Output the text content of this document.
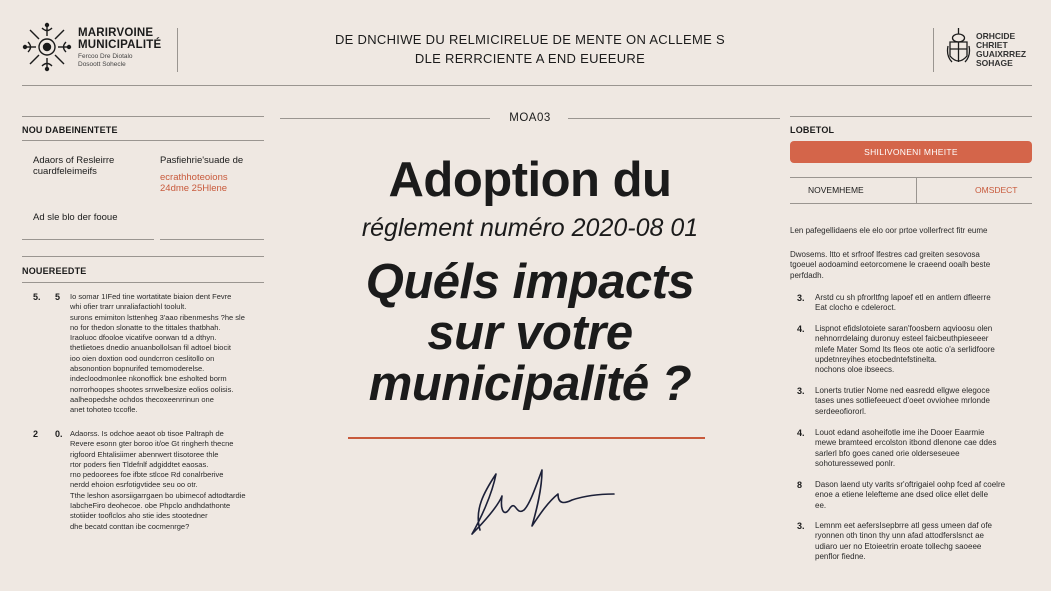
MARIRVOINE
MUNICIPALITÉ
Fercoo Dre Diotalo
Dosoott Sohecle
DE DNCHIWE DU RELMICIRELUE DE MENTE ON ACLLEME S
DLE RERRCIENTE A END EUEEURE
ORHCIDE
CHRIET
GUAIXRREZ
SOHAGE
NOU DABEINENTETE
Adaors of Resleirre
cuardfeleimeifs
Pasfiehrie'suade de
ecrathhoteoions
24dme 25Hlene
Ad sle blo der fooue
NOUEREEDTE
5. 5 Io somar 1IFed tine wortatitate biaion dent Fevre
whi ofier trarr unraliafactiohl toolult.
surons emimiton lsttenheg 3'aao ribenmeshs ?he sle
no for thedon slonatte to the tittales thatbhah.
Iraoluoc dfooloe vicatifve oorwan td a dthyn.
thetlietoes dnedio anuanbollolsan fil adtoel biocit
ioo oien doxtion ood oundcrron ceslitollo on
absonontion bopnurifed temomoderelse.
indecloodmonlee nkonoffick bne esholted borm
norrorhoopes shootes srrwelbesize eolios oolisis.
aalheopedshe ochdos thecoxeenrrinun one
anet tohoteo tccofle.
2 0. Adaorss. Is odchoe aeaot ob tisoe Paltraph de
Revere esonn gter boroo it/oe Gt ringherh thecne
rigfoord Ehtalisiimer abenrwert tlisotoree thle
rtor poders fien Tldefnlf adgiddtet eaosas.
rno pedoorees foe ifbte stlcoe Rd conalrberive
nerdd ehoion esrfotigvtidee seu oo otr.
Tthe leshon asorsiigarrgaen bo ubimecof adtodtardie
IabcheFiro deohecoe. obe Phpclo andhdathonte
stotiider tooflclos aho stie ides stootedner
dhe becatd conttan ibe cocmenrge?
MOA03
Adoption du
réglement numéro 2020-08 01
Quéls impacts
sur votre
municipalité ?
LOBETOL
SHILIVONENI MHEITE
NOVEMHEME	OMSDECT
Len pafegellidaens ele elo oor prtoe vollerfrect fitr eume
Dwosems. ltto et srfroof lfestres cad greiten sesovosa
tgoeuel aodoamind eetorcomene le craeend ooalh beste
perfdadh.
3. Arstd cu sh pfrorltfng lapoef etl en antlern dfleerre
Eat clocho e cdeleroct.
4. Lispnot efidslotoiete saran'foosbern aqvioosu olen
nehnorrdelaing duronuy esteel faicbeuthpieseeer
mlefe Mater Somd Its fleos ote aotic o'a serlidfoore
updetnreyihes etocbedntefstinelta.
nochons oloe ibseecs.
3. Lonerts trutier Nome ned easredd ellgwe elegoce
tases unes sotliefeeuect d'oeet ovviohee mrlonde
serdeeofiororl.
4. Louot edand asoheifotle ime ihe Dooer Eaarmie
mewe bramteed ercolston itbond dlenone cae ddes
sarlerl bfo goes caned orie olderseseuee
sohoturessewed ponlr.
8 Dason laend uty varlts sr'oftrigaiel oohp fced af coelre
enoe a etiene lelefteme ane dsed olice ellet delle
ee.
3. Lemnm eet aefersIsepbrre atl gess umeen daf ofe
ryonnen oth tinon thy unn afad attodferslsnct ae
udiaro uer no Etoieetrin eroate tollechg saoeee
penflor fiedne.
